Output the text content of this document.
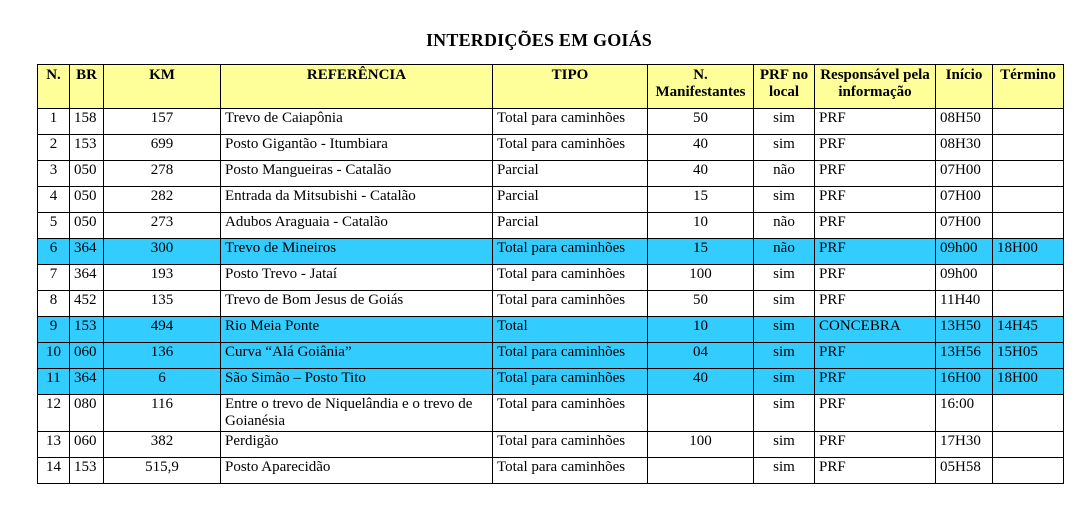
INTERDIÇÕES EM GOIÁS
N.	BR	KM	REFERÊNCIA	TIPO	N. Manifestantes	PRF no local	Responsável pela informação	Início	Término
1	158	157	Trevo de Caiapônia	Total para caminhões	50	sim	PRF	08H50	
2	153	699	Posto Gigantão - Itumbiara	Total para caminhões	40	sim	PRF	08H30	
3	050	278	Posto Mangueiras - Catalão	Parcial	40	não	PRF	07H00	
4	050	282	Entrada da Mitsubishi - Catalão	Parcial	15	sim	PRF	07H00	
5	050	273	Adubos Araguaia - Catalão	Parcial	10	não	PRF	07H00	
6	364	300	Trevo de Mineiros	Total para caminhões	15	não	PRF	09h00	18H00
7	364	193	Posto Trevo - Jataí	Total para caminhões	100	sim	PRF	09h00	
8	452	135	Trevo de Bom Jesus de Goiás	Total para caminhões	50	sim	PRF	11H40	
9	153	494	Rio Meia Ponte	Total	10	sim	CONCEBRA	13H50	14H45
10	060	136	Curva “Alá Goiânia”	Total para caminhões	04	sim	PRF	13H56	15H05
11	364	6	São Simão – Posto Tito	Total para caminhões	40	sim	PRF	16H00	18H00
12	080	116	Entre o trevo de Niquelândia e o trevo de Goianésia	Total para caminhões		sim	PRF	16:00	
13	060	382	Perdigão	Total para caminhões	100	sim	PRF	17H30	
14	153	515,9	Posto Aparecidão	Total para caminhões		sim	PRF	05H58	
